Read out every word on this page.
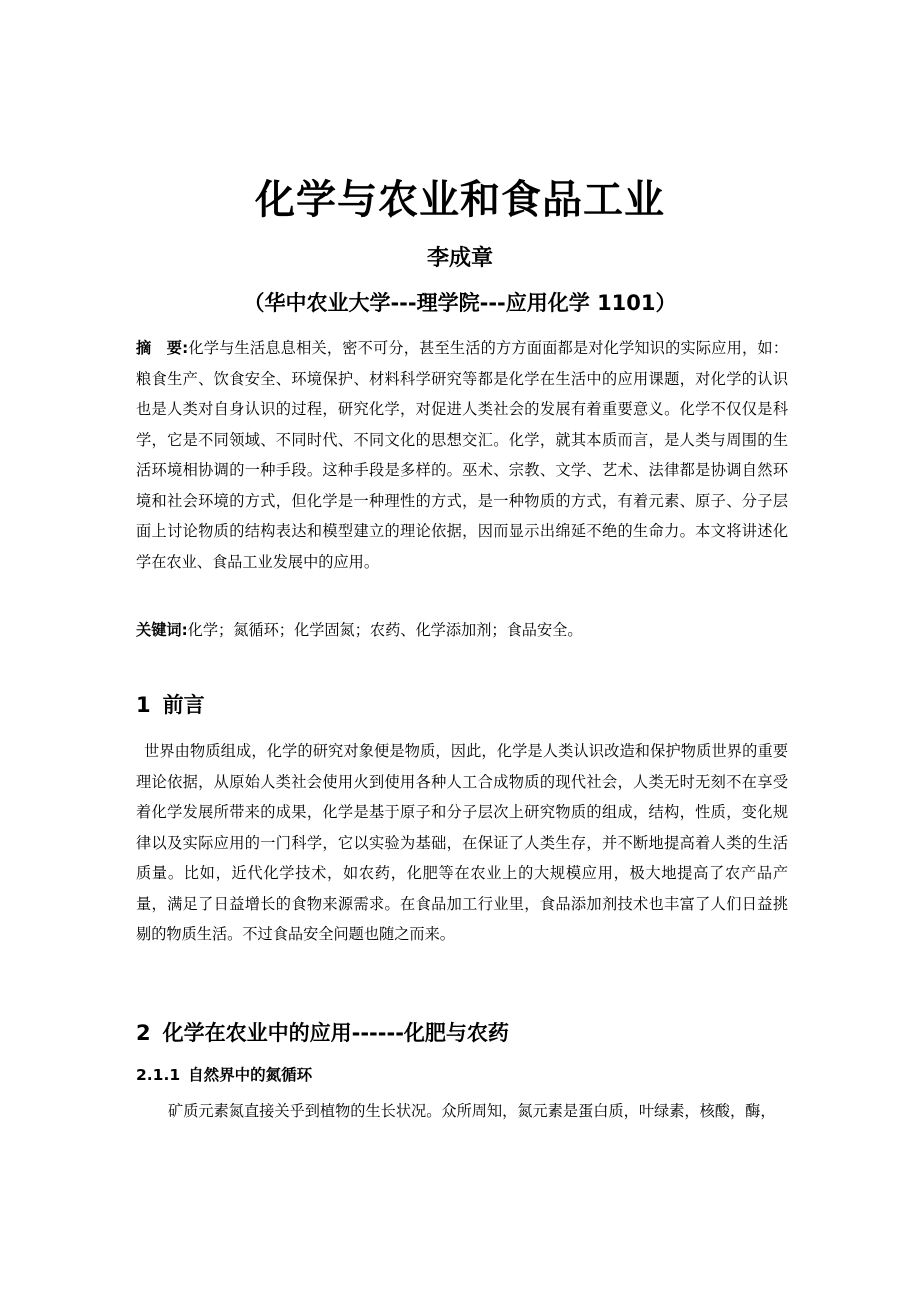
化学与农业和食品工业
李成章
（华中农业大学---理学院---应用化学 1101）
摘　要:化学与生活息息相关，密不可分，甚至生活的方方面面都是对化学知识的实际应用，如：粮食生产、饮食安全、环境保护、材料科学研究等都是化学在生活中的应用课题，对化学的认识也是人类对自身认识的过程，研究化学，对促进人类社会的发展有着重要意义。化学不仅仅是科学，它是不同领域、不同时代、不同文化的思想交汇。化学，就其本质而言，是人类与周围的生活环境相协调的一种手段。这种手段是多样的。巫术、宗教、文学、艺术、法律都是协调自然环境和社会环境的方式，但化学是一种理性的方式，是一种物质的方式，有着元素、原子、分子层面上讨论物质的结构表达和模型建立的理论依据，因而显示出绵延不绝的生命力。本文将讲述化学在农业、食品工业发展中的应用。
关键词:化学；氮循环；化学固氮；农药、化学添加剂；食品安全。
1 前言
世界由物质组成，化学的研究对象便是物质，因此，化学是人类认识改造和保护物质世界的重要理论依据，从原始人类社会使用火到使用各种人工合成物质的现代社会，人类无时无刻不在享受着化学发展所带来的成果，化学是基于原子和分子层次上研究物质的组成，结构，性质，变化规律以及实际应用的一门科学，它以实验为基础，在保证了人类生存，并不断地提高着人类的生活质量。比如，近代化学技术，如农药，化肥等在农业上的大规模应用，极大地提高了农产品产量，满足了日益增长的食物来源需求。在食品加工行业里，食品添加剂技术也丰富了人们日益挑剔的物质生活。不过食品安全问题也随之而来。
2 化学在农业中的应用------化肥与农药
2.1.1 自然界中的氮循环
矿质元素氮直接关乎到植物的生长状况。众所周知，氮元素是蛋白质，叶绿素，核酸，酶，
